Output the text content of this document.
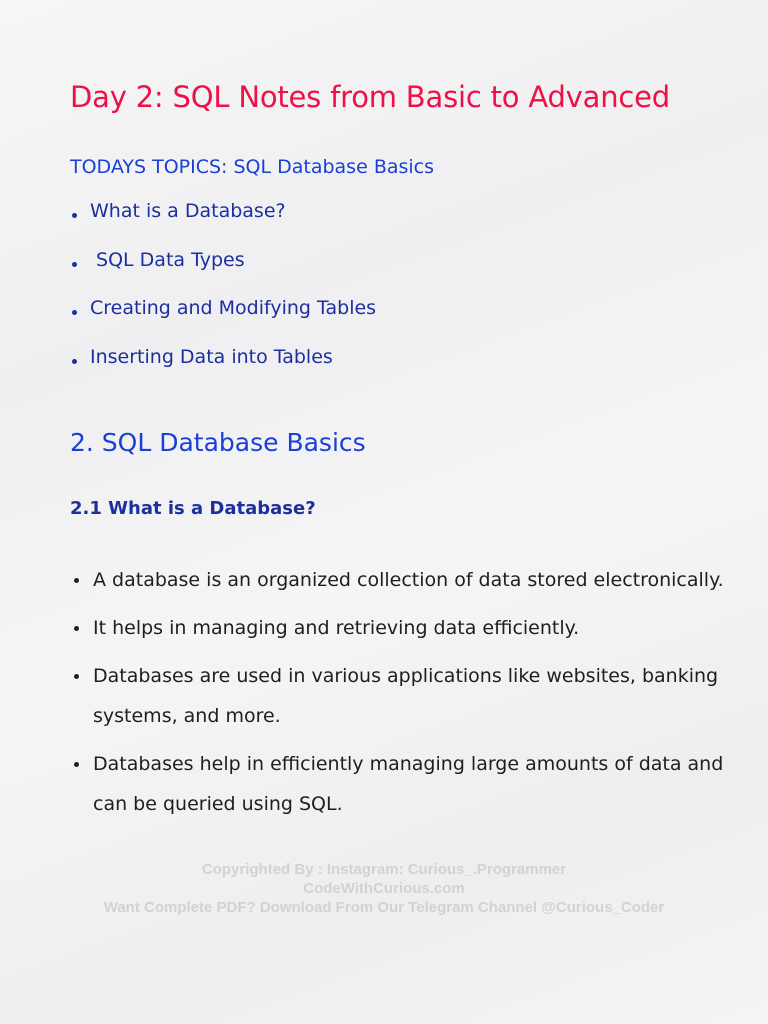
Day 2: SQL Notes from Basic to Advanced
TODAYS TOPICS: SQL Database Basics
What is a Database?
SQL Data Types
Creating and Modifying Tables
Inserting Data into Tables
2. SQL Database Basics
2.1 What is a Database?
A database is an organized collection of data stored electronically.
It helps in managing and retrieving data efficiently.
Databases are used in various applications like websites, banking systems, and more.
Databases help in efficiently managing large amounts of data and can be queried using SQL.
Copyrighted By : Instagram: Curious_.Programmer
CodeWithCurious.com
Want Complete PDF? Download From Our Telegram Channel @Curious_Coder
